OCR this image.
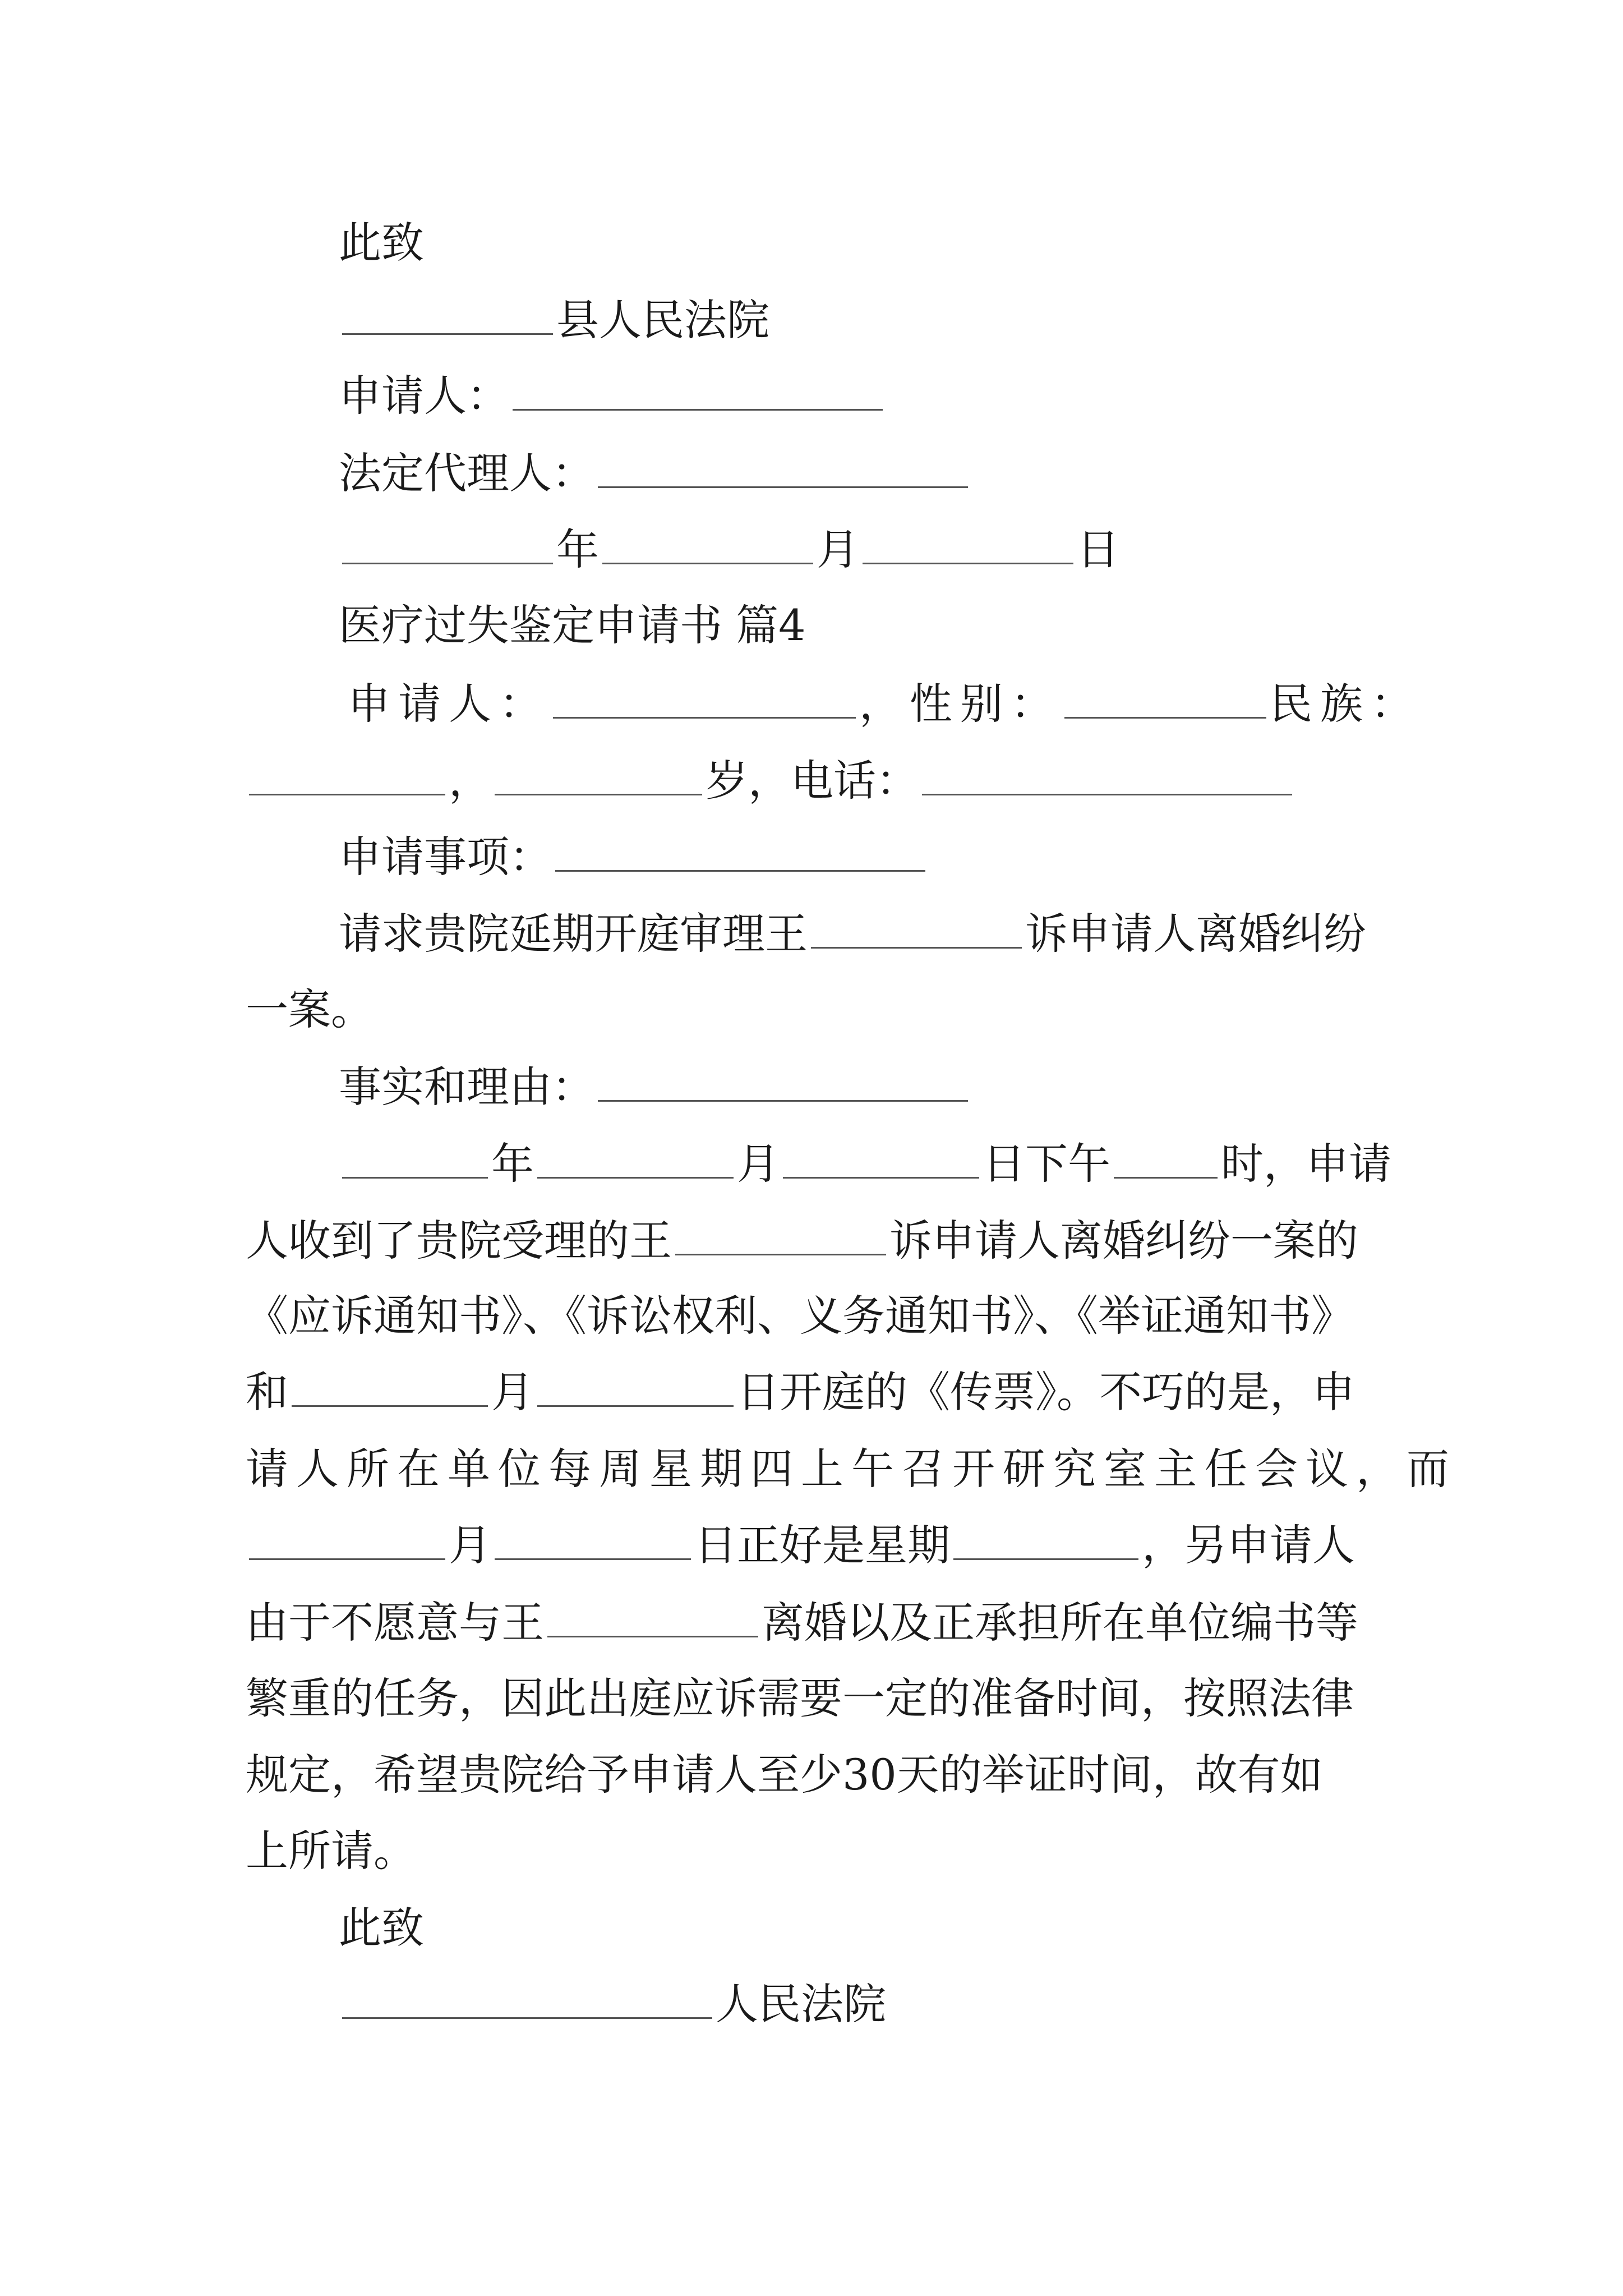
此致
县人民法院
申请人：
法定代理人：
年	月	日
医疗过失鉴定申请书 篇4
申请人：	，性别：	民族：
，	岁，电话：
申请事项：
请求贵院延期开庭审理王	诉申请人离婚纠纷
一案。
事实和理由：
年	月	日下午	时，申请
人收到了贵院受理的王	诉申请人离婚纠纷一案的
《应诉通知书》、《诉讼权利、义务通知书》、《举证通知书》
和	月	日开庭的《传票》。不巧的是，申
请人所在单位每周星期四上午召开研究室主任会议，而
月	日正好是星期	，另申请人
由于不愿意与王	离婚以及正承担所在单位编书等
繁重的任务，因此出庭应诉需要一定的准备时间，按照法律
规定，希望贵院给予申请人至少30天的举证时间，故有如
上所请。
此致
人民法院
